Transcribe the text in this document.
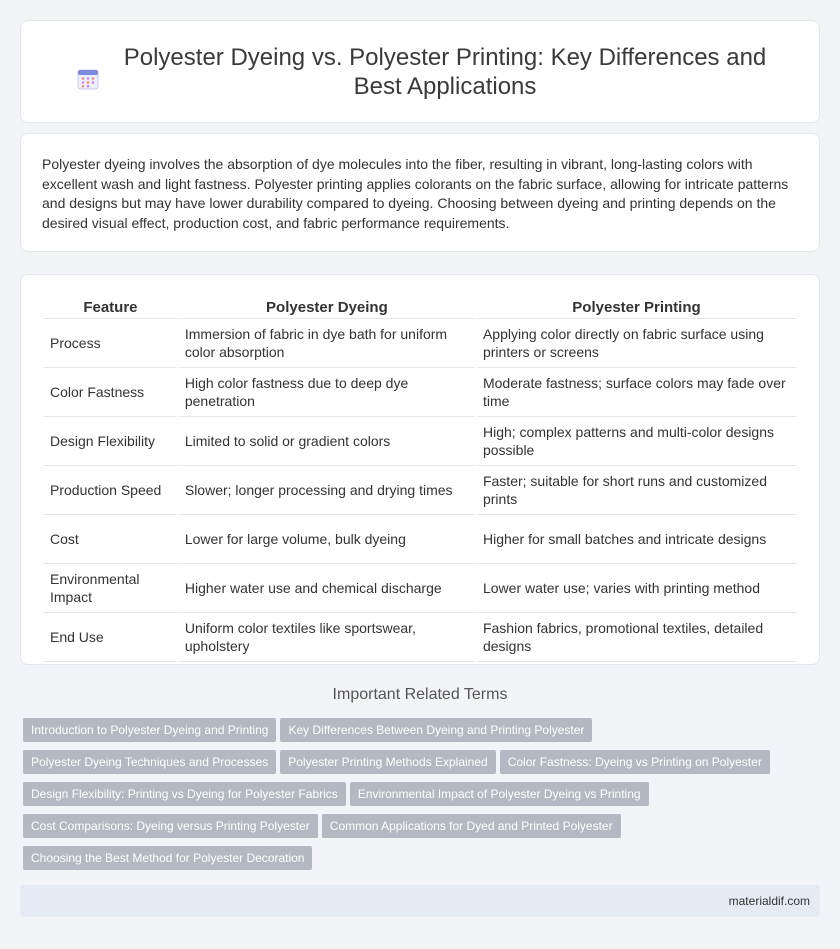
Polyester Dyeing vs. Polyester Printing: Key Differences and Best Applications

Polyester dyeing involves the absorption of dye molecules into the fiber, resulting in vibrant, long-lasting colors with excellent wash and light fastness. Polyester printing applies colorants on the fabric surface, allowing for intricate patterns and designs but may have lower durability compared to dyeing. Choosing between dyeing and printing depends on the desired visual effect, production cost, and fabric performance requirements.

Feature	Polyester Dyeing	Polyester Printing
Process	Immersion of fabric in dye bath for uniform color absorption	Applying color directly on fabric surface using printers or screens
Color Fastness	High color fastness due to deep dye penetration	Moderate fastness; surface colors may fade over time
Design Flexibility	Limited to solid or gradient colors	High; complex patterns and multi-color designs possible
Production Speed	Slower; longer processing and drying times	Faster; suitable for short runs and customized prints
Cost	Lower for large volume, bulk dyeing	Higher for small batches and intricate designs
Environmental Impact	Higher water use and chemical discharge	Lower water use; varies with printing method
End Use	Uniform color textiles like sportswear, upholstery	Fashion fabrics, promotional textiles, detailed designs
Important Related Terms
Introduction to Polyester Dyeing and Printing Key Differences Between Dyeing and Printing Polyester
Polyester Dyeing Techniques and Processes Polyester Printing Methods Explained Color Fastness: Dyeing vs Printing on Polyester
Design Flexibility: Printing vs Dyeing for Polyester Fabrics Environmental Impact of Polyester Dyeing vs Printing
Cost Comparisons: Dyeing versus Printing Polyester Common Applications for Dyed and Printed Polyester
Choosing the Best Method for Polyester Decoration
materialdif.com
